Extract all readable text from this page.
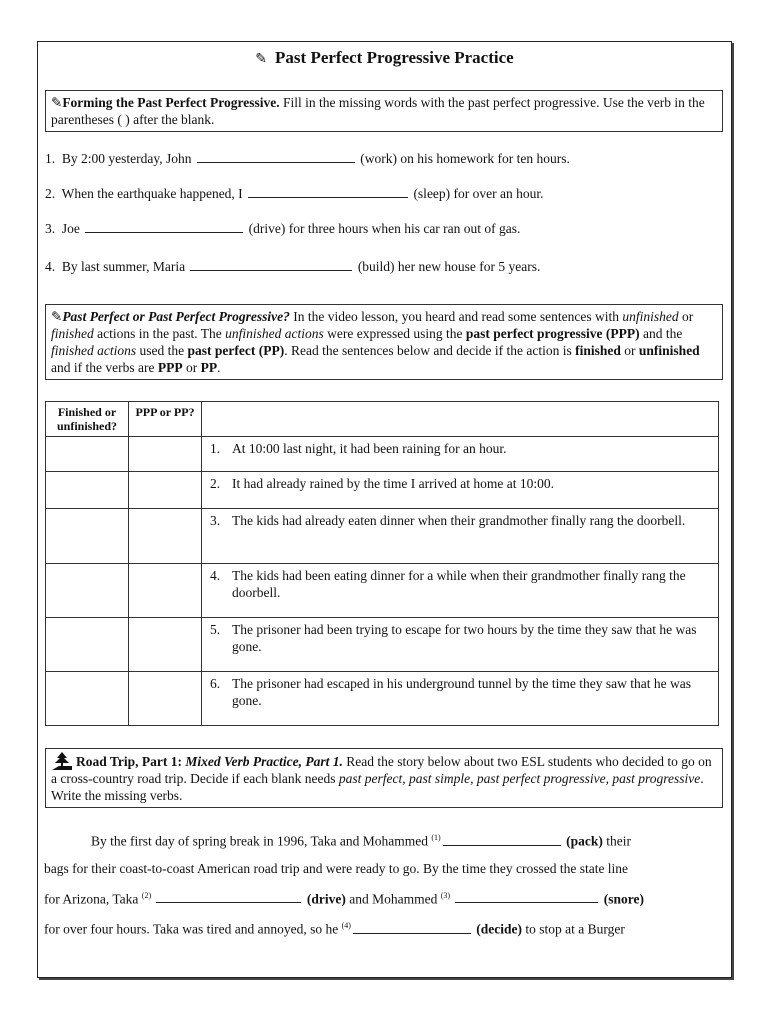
✎ Past Perfect Progressive Practice
✎Forming the Past Perfect Progressive. Fill in the missing words with the past perfect progressive. Use the verb in the parentheses ( ) after the blank.
1. By 2:00 yesterday, John	(work) on his homework for ten hours.
2. When the earthquake happened, I	(sleep) for over an hour.
3. Joe	(drive) for three hours when his car ran out of gas.
4. By last summer, Maria	(build) her new house for 5 years.
✎Past Perfect or Past Perfect Progressive? In the video lesson, you heard and read some sentences with unfinished or finished actions in the past. The unfinished actions were expressed using the past perfect progressive (PPP) and the finished actions used the past perfect (PP). Read the sentences below and decide if the action is finished or unfinished and if the verbs are PPP or PP.
Finished or unfinished?	PPP or PP?	

		1. At 10:00 last night, it had been raining for an hour.

		2. It had already rained by the time I arrived at home at 10:00.

		3. The kids had already eaten dinner when their grandmother finally rang the doorbell.

		4. The kids had been eating dinner for a while when their grandmother finally rang the doorbell.

		5. The prisoner had been trying to escape for two hours by the time they saw that he was gone.

		6. The prisoner had escaped in his underground tunnel by the time they saw that he was gone.
Road Trip, Part 1: Mixed Verb Practice, Part 1. Read the story below about two ESL students who decided to go on a cross-country road trip. Decide if each blank needs past perfect, past simple, past perfect progressive, past progressive. Write the missing verbs.

By the first day of spring break in 1996, Taka and Mohammed $^{(1)}$	(pack) their

bags for their coast-to-coast American road trip and were ready to go. By the time they crossed the state line

for Arizona, Taka $^{(2)}$	(drive) and Mohammed $^{(3)}$	(snore)

for over four hours. Taka was tired and annoyed, so he $^{(4)}$	(decide) to stop at a Burger
